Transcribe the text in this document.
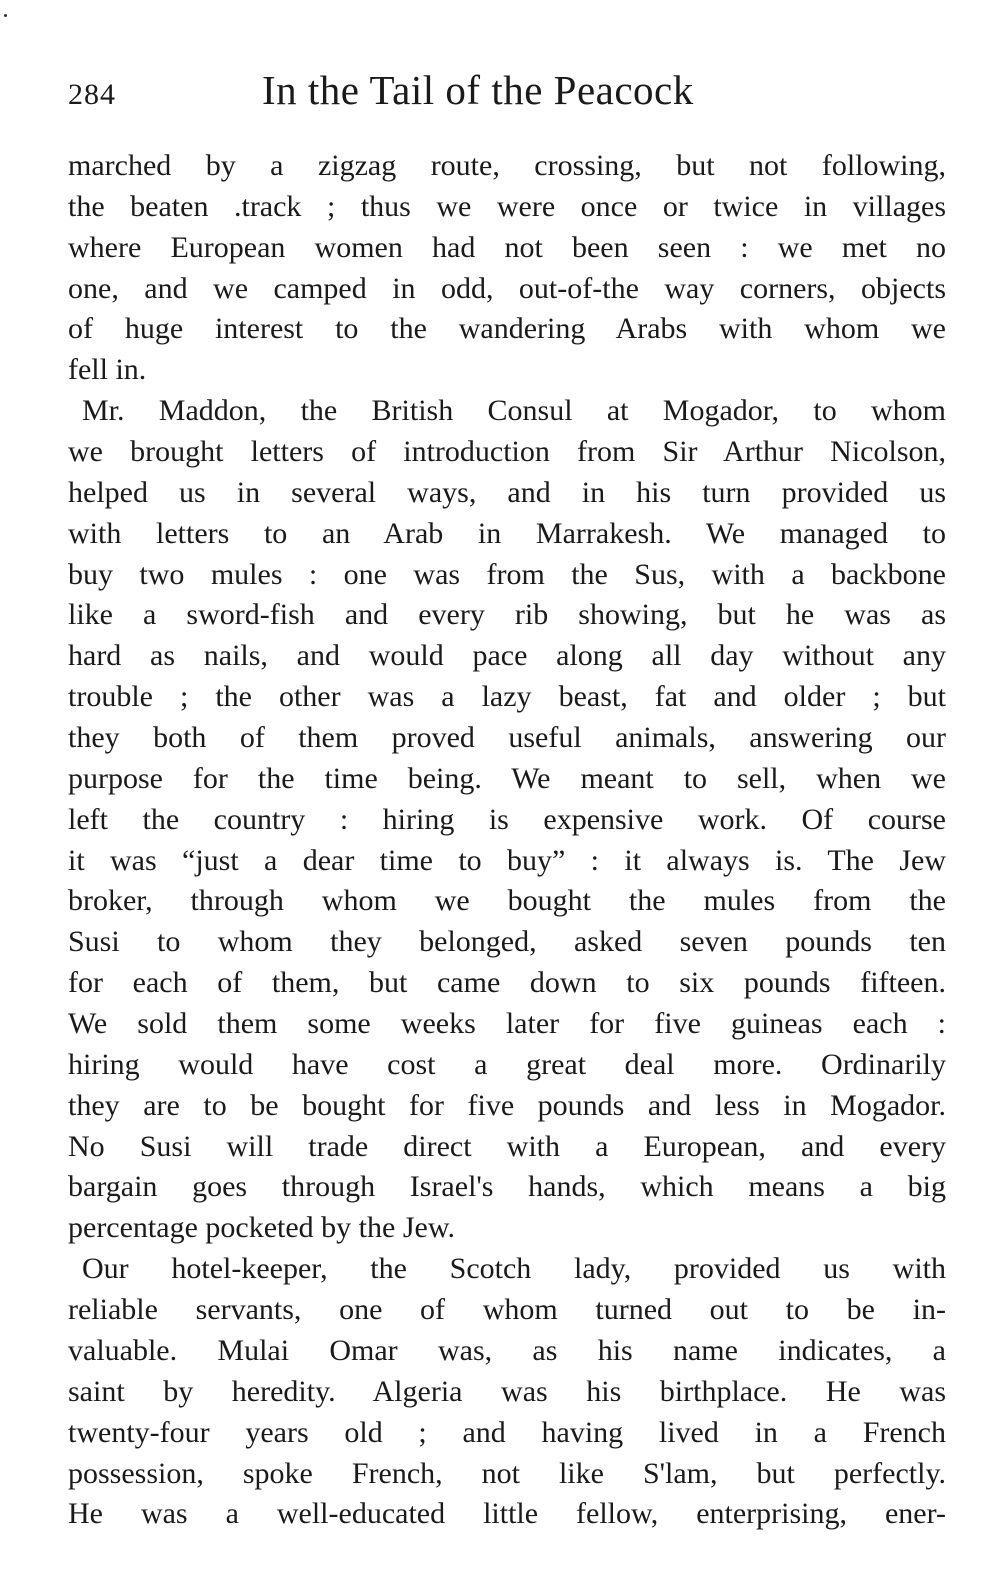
284	In the Tail of the Peacock
marched by a zigzag route, crossing, but not following,
the beaten .track ; thus we were once or twice in villages
where European women had not been seen : we met no
one, and we camped in odd, out-of-the way corners, objects
of huge interest to the wandering Arabs with whom we
fell in.
Mr. Maddon, the British Consul at Mogador, to whom
we brought letters of introduction from Sir Arthur Nicolson,
helped us in several ways, and in his turn provided us
with letters to an Arab in Marrakesh. We managed to
buy two mules : one was from the Sus, with a backbone
like a sword-fish and every rib showing, but he was as
hard as nails, and would pace along all day without any
trouble ; the other was a lazy beast, fat and older ; but
they both of them proved useful animals, answering our
purpose for the time being. We meant to sell, when we
left the country : hiring is expensive work. Of course
it was “just a dear time to buy” : it always is. The Jew
broker, through whom we bought the mules from the
Susi to whom they belonged, asked seven pounds ten
for each of them, but came down to six pounds fifteen.
We sold them some weeks later for five guineas each :
hiring would have cost a great deal more. Ordinarily
they are to be bought for five pounds and less in Mogador.
No Susi will trade direct with a European, and every
bargain goes through Israel's hands, which means a big
percentage pocketed by the Jew.
Our hotel-keeper, the Scotch lady, provided us with
reliable servants, one of whom turned out to be in-
valuable. Mulai Omar was, as his name indicates, a
saint by heredity. Algeria was his birthplace. He was
twenty-four years old ; and having lived in a French
possession, spoke French, not like S'lam, but perfectly.
He was a well-educated little fellow, enterprising, ener-
